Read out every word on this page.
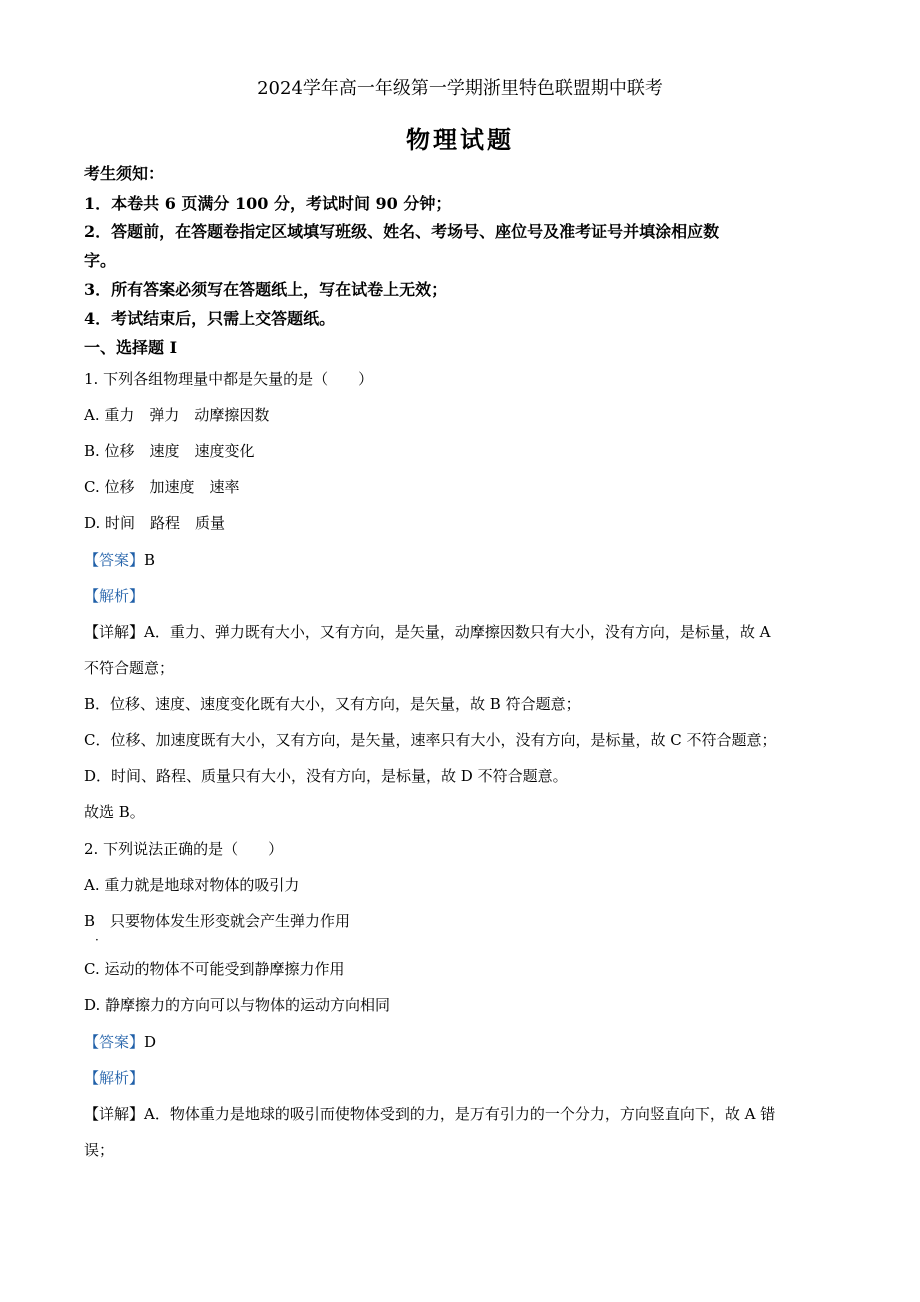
2024学年高一年级第一学期浙里特色联盟期中联考
物理试题
考生须知：
1．本卷共 6 页满分 100 分，考试时间 90 分钟；
2．答题前，在答题卷指定区域填写班级、姓名、考场号、座位号及准考证号并填涂相应数
字。
3．所有答案必须写在答题纸上，写在试卷上无效；
4．考试结束后，只需上交答题纸。
一、选择题 I
1. 下列各组物理量中都是矢量的是（　　）
A. 重力　弹力　动摩擦因数
B. 位移　速度　速度变化
C. 位移　加速度　速率
D. 时间　路程　质量
【答案】B
【解析】
【详解】A．重力、弹力既有大小，又有方向，是矢量，动摩擦因数只有大小，没有方向，是标量，故 A
不符合题意；
B．位移、速度、速度变化既有大小，又有方向，是矢量，故 B 符合题意；
C．位移、加速度既有大小，又有方向，是矢量，速率只有大小，没有方向，是标量，故 C 不符合题意；
D．时间、路程、质量只有大小，没有方向，是标量，故 D 不符合题意。
故选 B。
2. 下列说法正确的是（　　）
A. 重力就是地球对物体的吸引力
B　只要物体发生形变就会产生弹力作用
·
C. 运动的物体不可能受到静摩擦力作用
D. 静摩擦力的方向可以与物体的运动方向相同
【答案】D
【解析】
【详解】A．物体重力是地球的吸引而使物体受到的力，是万有引力的一个分力，方向竖直向下，故 A 错
误；
